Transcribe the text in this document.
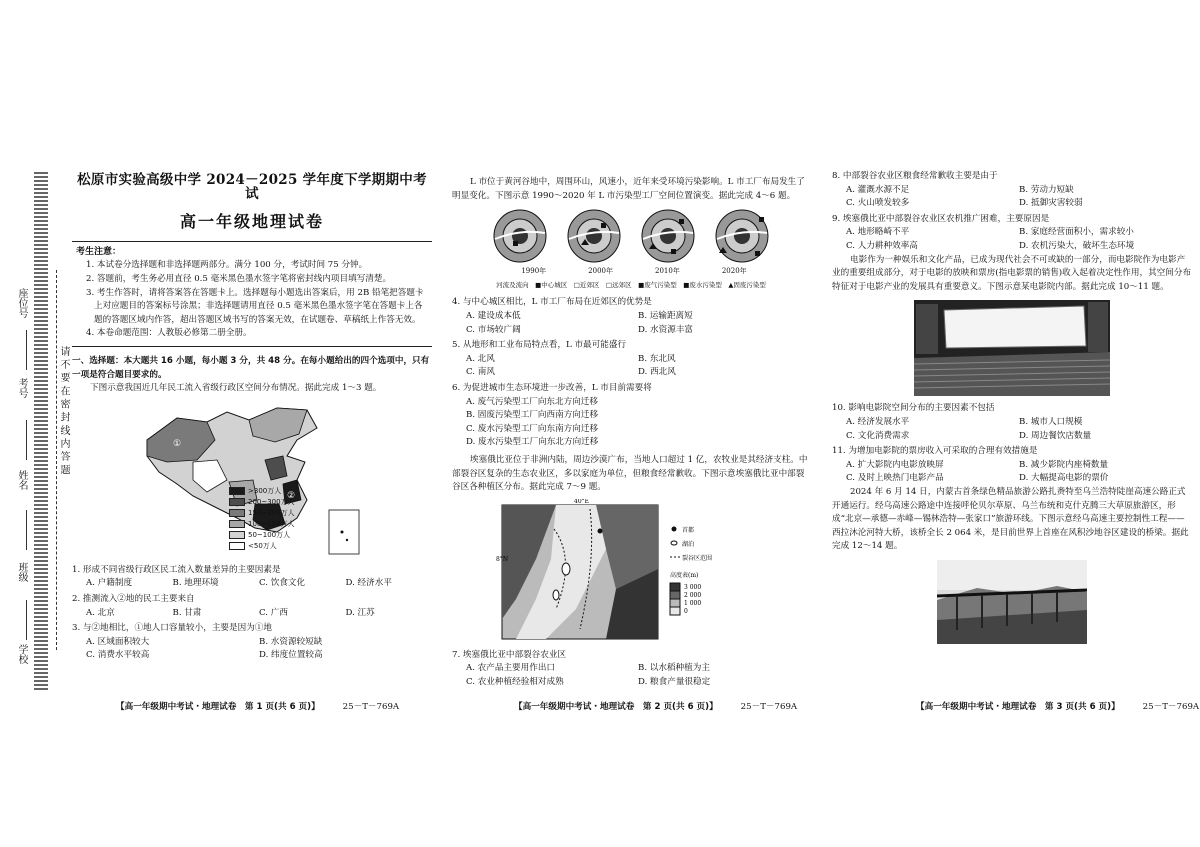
座位号
考号
姓名
班级
学校
请 不 要 在 密 封 线 内 答 题
松原市实验高级中学 2024－2025 学年度下学期期中考试
高一年级地理试卷
考生注意：

1. 本试卷分选择题和非选择题两部分。满分 100 分，考试时间 75 分钟。

2. 答题前，考生务必用直径 0.5 毫米黑色墨水签字笔将密封线内项目填写清楚。

3. 考生作答时，请将答案答在答题卡上。选择题每小题选出答案后，用 2B 铅笔把答题卡上对应题目的答案标号涂黑；非选择题请用直径 0.5 毫米黑色墨水签字笔在答题卡上各题的答题区域内作答，超出答题区域书写的答案无效，在试题卷、草稿纸上作答无效。

4. 本卷命题范围：人教版必修第二册全册。

一、选择题：本大题共 16 小题，每小题 3 分，共 48 分。在每小题给出的四个选项中，只有一项是符合题目要求的。
下图示意我国近几年民工流入省级行政区空间分布情况。据此完成 1～3 题。
①
②
>300万人
200~300万人
150~200万人
100~150万人
50~100万人
<50万人
1. 形成不同省级行政区民工流入数量差异的主要因素是
A. 户籍制度	B. 地理环境	C. 饮食文化	D. 经济水平
2. 推测流入②地的民工主要来自
A. 北京	B. 甘肃	C. 广西	D. 江苏
3. 与②地相比，①地人口容量较小，主要是因为①地
A. 区域面积较大	B. 水资源较短缺
C. 消费水平较高	D. 纬度位置较高
【高一年级期中考试・地理试卷　第 1 页(共 6 页)】	25－T－769A
L 市位于黄河谷地中，周围环山，风速小，近年来受环境污染影响。L 市工厂布局发生了明显变化。下图示意 1990～2020 年 L 市污染型工厂空间位置演变。据此完成 4～6 题。
1990年	2000年	2010年	2020年
河流及流向　■中心城区　□近郊区　□远郊区　■废气污染型　■废水污染型　▲固废污染型
4. 与中心城区相比，L 市工厂布局在近郊区的优势是
A. 建设成本低	B. 运输距离短
C. 市场较广阔	D. 水资源丰富
5. 从地形和工业布局特点看，L 市最可能盛行
A. 北风	B. 东北风
C. 南风	D. 西北风
6. 为促进城市生态环境进一步改善，L 市目前需要将
A. 废气污染型工厂向东北方向迁移
B. 固废污染型工厂向西南方向迁移
C. 废水污染型工厂向东南方向迁移
D. 废水污染型工厂向东北方向迁移
埃塞俄比亚位于非洲内陆，周边沙漠广布，当地人口超过 1 亿，农牧业是其经济支柱。中部裂谷区复杂的生态农业区，多以家庭为单位，但粮食经常歉收。下图示意埃塞俄比亚中部裂谷区各种植区分布。据此完成 7～9 题。
40°E
8°N
首都
湖泊
裂谷区范围
高度表(m)
3 000
2 000
1 000
0
7. 埃塞俄比亚中部裂谷农业区
A. 农产品主要用作出口	B. 以水稻种植为主
C. 农业种植经验相对成熟	D. 粮食产量很稳定
【高一年级期中考试・地理试卷　第 2 页(共 6 页)】	25－T－769A
8. 中部裂谷农业区粮食经常歉收主要是由于
A. 灌溉水源不足	B. 劳动力短缺
C. 火山喷发较多	D. 抵御灾害较弱
9. 埃塞俄比亚中部裂谷农业区农机推广困难，主要原因是
A. 地形略崎不平	B. 家庭经营面积小，需求较小
C. 人力耕种效率高	D. 农机污染大，破坏生态环境
电影作为一种娱乐和文化产品，已成为现代社会不可或缺的一部分，而电影院作为电影产业的重要组成部分，对于电影的放映和票房(指电影票的销售)收入起着决定性作用，其空间分布特征对于电影产业的发展具有重要意义。下图示意某电影院内部。据此完成 10～11 题。
10. 影响电影院空间分布的主要因素不包括
A. 经济发展水平	B. 城市人口规模
C. 文化消费需求	D. 周边餐饮店数量
11. 为增加电影院的票房收入可采取的合理有效措施是
A. 扩大影院内电影放映屏	B. 减少影院内座椅数量
C. 及时上映热门电影产品	D. 大幅提高电影的票价
2024 年 6 月 14 日，内蒙古首条绿色精品旅游公路扎赉特至乌兰浩特陡崖高速公路正式开通运行。经乌高速公路途中连接呼伦贝尔草原、乌兰布统和克什克腾三大草原旅游区，形成“北京—承德—赤峰—锡林浩特—张家口”旅游环线。下图示意经乌高速主要控制性工程——西拉沐沦河特大桥，该桥全长 2 064 米，是目前世界上首座在风积沙地谷区建设的桥梁。据此完成 12～14 题。
【高一年级期中考试・地理试卷　第 3 页(共 6 页)】	25－T－769A
